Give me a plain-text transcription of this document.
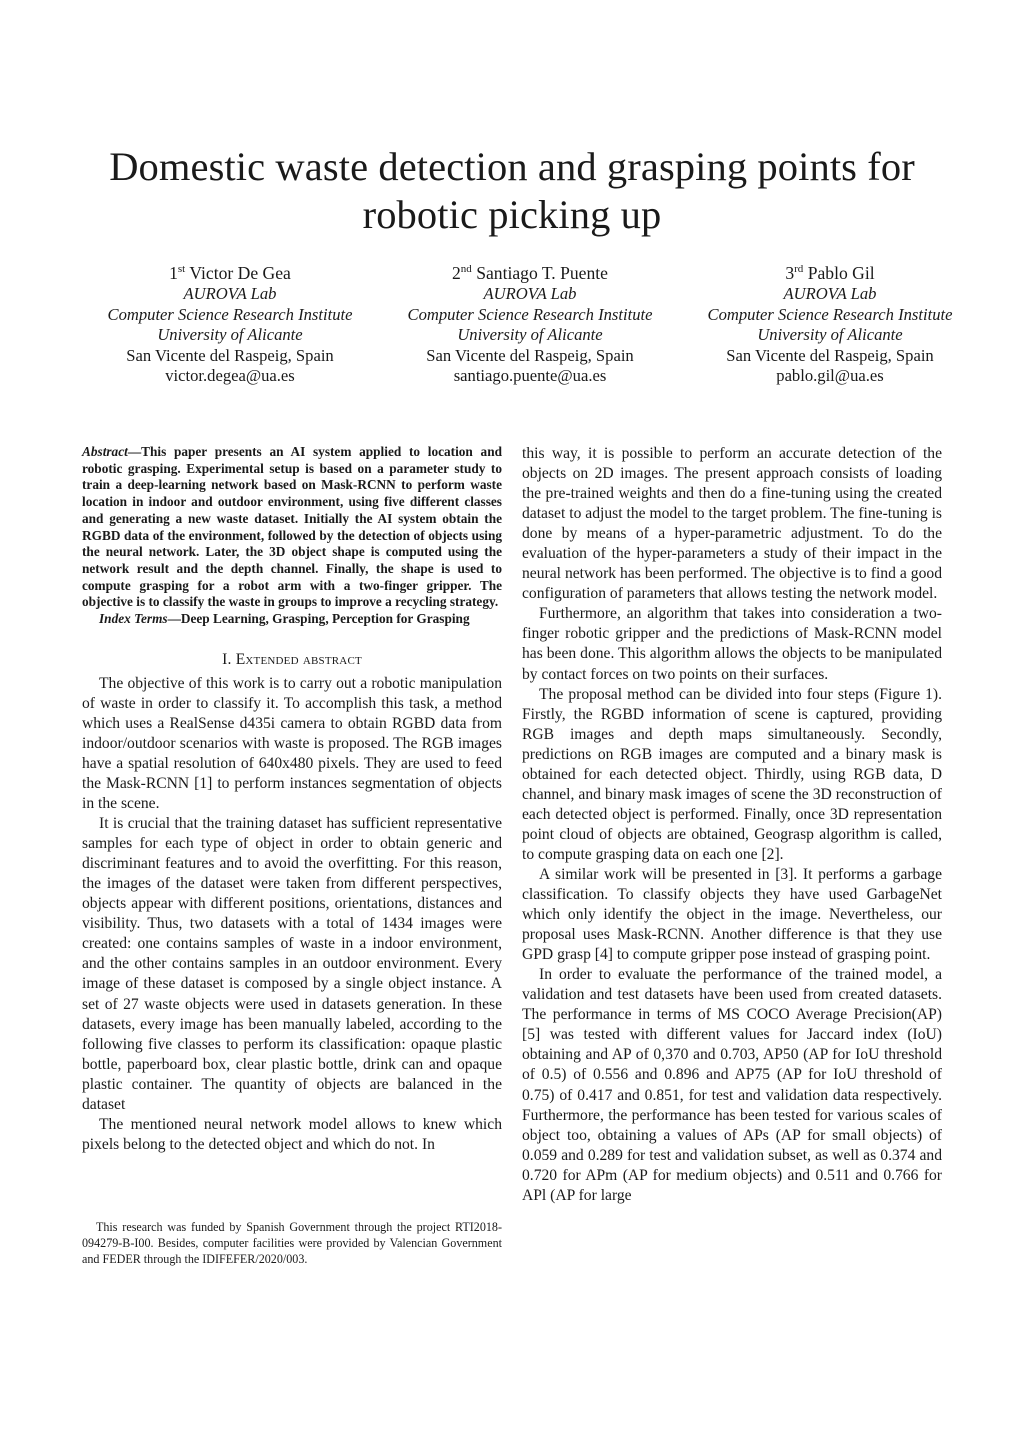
Domestic waste detection and grasping points for robotic picking up
1st Victor De Gea
AUROVA Lab
Computer Science Research Institute
University of Alicante
San Vicente del Raspeig, Spain
victor.degea@ua.es
2nd Santiago T. Puente
AUROVA Lab
Computer Science Research Institute
University of Alicante
San Vicente del Raspeig, Spain
santiago.puente@ua.es
3rd Pablo Gil
AUROVA Lab
Computer Science Research Institute
University of Alicante
San Vicente del Raspeig, Spain
pablo.gil@ua.es

Abstract—This paper presents an AI system applied to location and robotic grasping. Experimental setup is based on a parameter study to train a deep-learning network based on Mask-RCNN to perform waste location in indoor and outdoor environment, using five different classes and generating a new waste dataset. Initially the AI system obtain the RGBD data of the environment, followed by the detection of objects using the neural network. Later, the 3D object shape is computed using the network result and the depth channel. Finally, the shape is used to compute grasping for a robot arm with a two-finger gripper. The objective is to classify the waste in groups to improve a recycling strategy.

Index Terms—Deep Learning, Grasping, Perception for Grasping

I. Extended abstract

The objective of this work is to carry out a robotic manipulation of waste in order to classify it. To accomplish this task, a method which uses a RealSense d435i camera to obtain RGBD data from indoor/outdoor scenarios with waste is proposed. The RGB images have a spatial resolution of 640x480 pixels. They are used to feed the Mask-RCNN [1] to perform instances segmentation of objects in the scene.

It is crucial that the training dataset has sufficient representative samples for each type of object in order to obtain generic and discriminant features and to avoid the overfitting. For this reason, the images of the dataset were taken from different perspectives, objects appear with different positions, orientations, distances and visibility. Thus, two datasets with a total of 1434 images were created: one contains samples of waste in a indoor environment, and the other contains samples in an outdoor environment. Every image of these dataset is composed by a single object instance. A set of 27 waste objects were used in datasets generation. In these datasets, every image has been manually labeled, according to the following five classes to perform its classification: opaque plastic bottle, paperboard box, clear plastic bottle, drink can and opaque plastic container. The quantity of objects are balanced in the dataset

The mentioned neural network model allows to knew which pixels belong to the detected object and which do not. In

This research was funded by Spanish Government through the project RTI2018-094279-B-I00. Besides, computer facilities were provided by Valencian Government and FEDER through the IDIFEFER/2020/003.

this way, it is possible to perform an accurate detection of the objects on 2D images. The present approach consists of loading the pre-trained weights and then do a fine-tuning using the created dataset to adjust the model to the target problem. The fine-tuning is done by means of a hyper-parametric adjustment. To do the evaluation of the hyper-parameters a study of their impact in the neural network has been performed. The objective is to find a good configuration of parameters that allows testing the network model.

Furthermore, an algorithm that takes into consideration a two-finger robotic gripper and the predictions of Mask-RCNN model has been done. This algorithm allows the objects to be manipulated by contact forces on two points on their surfaces.

The proposal method can be divided into four steps (Figure 1). Firstly, the RGBD information of scene is captured, providing RGB images and depth maps simultaneously. Secondly, predictions on RGB images are computed and a binary mask is obtained for each detected object. Thirdly, using RGB data, D channel, and binary mask images of scene the 3D reconstruction of each detected object is performed. Finally, once 3D representation point cloud of objects are obtained, Geograsp algorithm is called, to compute grasping data on each one [2].

A similar work will be presented in [3]. It performs a garbage classification. To classify objects they have used GarbageNet which only identify the object in the image. Nevertheless, our proposal uses Mask-RCNN. Another difference is that they use GPD grasp [4] to compute gripper pose instead of grasping point.

In order to evaluate the performance of the trained model, a validation and test datasets have been used from created datasets. The performance in terms of MS COCO Average Precision(AP) [5] was tested with different values for Jaccard index (IoU) obtaining and AP of 0,370 and 0.703, AP50 (AP for IoU threshold of 0.5) of 0.556 and 0.896 and AP75 (AP for IoU threshold of 0.75) of 0.417 and 0.851, for test and validation data respectively. Furthermore, the performance has been tested for various scales of object too, obtaining a values of APs (AP for small objects) of 0.059 and 0.289 for test and validation subset, as well as 0.374 and 0.720 for APm (AP for medium objects) and 0.511 and 0.766 for APl (AP for large
